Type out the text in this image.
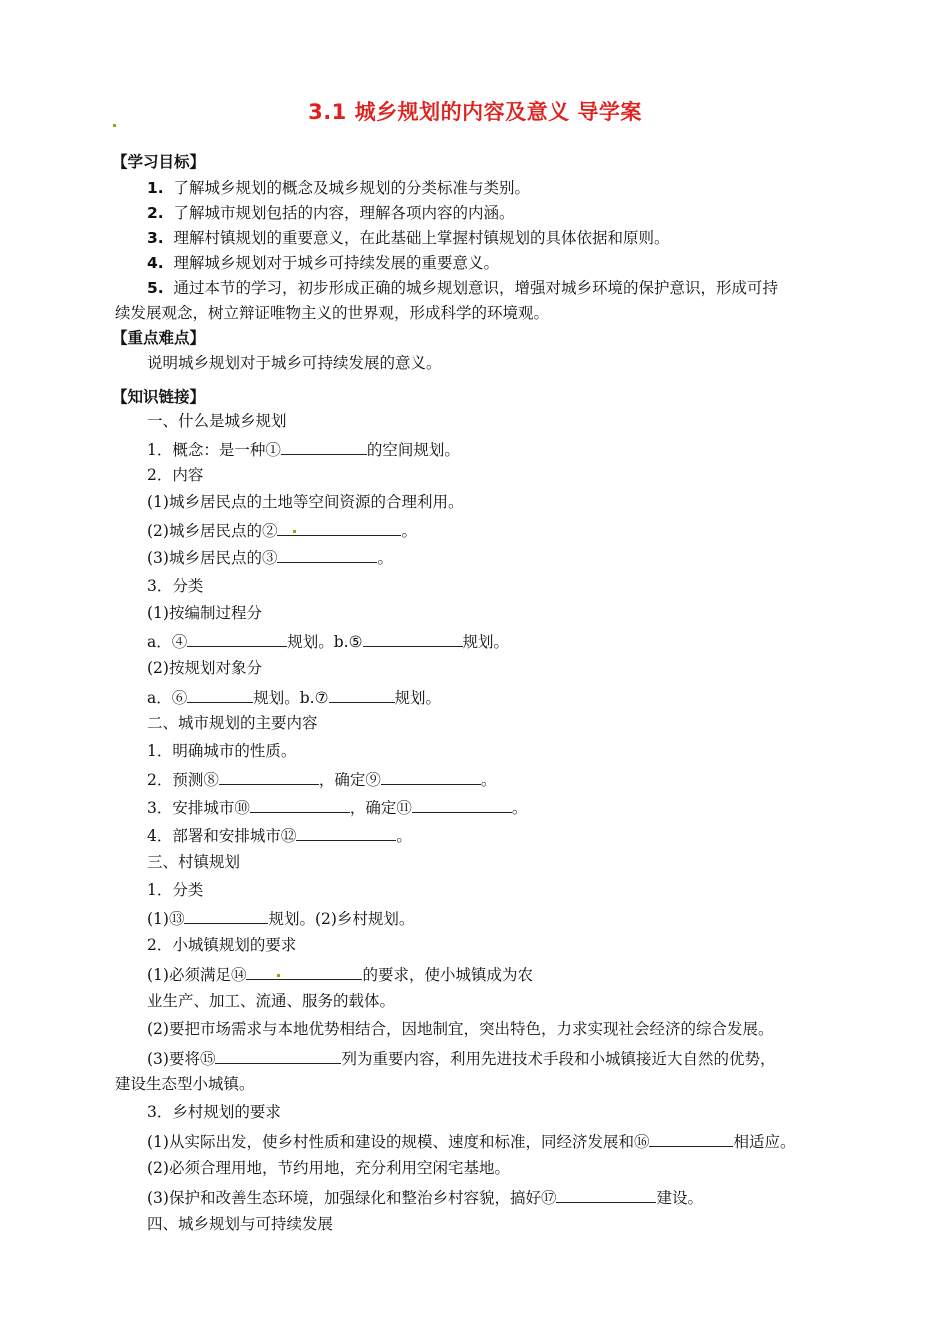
3.1 城乡规划的内容及意义 导学案
【学习目标】
1. 了解城乡规划的概念及城乡规划的分类标准与类别。
2. 了解城市规划包括的内容，理解各项内容的内涵。
3. 理解村镇规划的重要意义，在此基础上掌握村镇规划的具体依据和原则。
4. 理解城乡规划对于城乡可持续发展的重要意义。
5. 通过本节的学习，初步形成正确的城乡规划意识，增强对城乡环境的保护意识，形成可持
续发展观念，树立辩证唯物主义的世界观，形成科学的环境观。
【重点难点】
说明城乡规划对于城乡可持续发展的意义。
【知识链接】
一、什么是城乡规划
1．概念：是一种①	的空间规划。
2．内容
(1)城乡居民点的土地等空间资源的合理利用。
(2)城乡居民点的②	。
(3)城乡居民点的③	。
3．分类
(1)按编制过程分
a．④	规划。b.⑤	规划。
(2)按规划对象分
a．⑥	规划。b.⑦	规划。
二、城市规划的主要内容
1．明确城市的性质。
2．预测⑧	，确定⑨	。
3．安排城市⑩	，确定⑪	。
4．部署和安排城市⑫	。
三、村镇规划
1．分类
(1)⑬	规划。(2)乡村规划。
2．小城镇规划的要求
(1)必须满足⑭	的要求，使小城镇成为农
业生产、加工、流通、服务的载体。
(2)要把市场需求与本地优势相结合，因地制宜，突出特色，力求实现社会经济的综合发展。
(3)要将⑮	列为重要内容，利用先进技术手段和小城镇接近大自然的优势，
建设生态型小城镇。
3．乡村规划的要求
(1)从实际出发，使乡村性质和建设的规模、速度和标准，同经济发展和⑯	相适应。
(2)必须合理用地，节约用地，充分利用空闲宅基地。
(3)保护和改善生态环境，加强绿化和整治乡村容貌，搞好⑰	建设。
四、城乡规划与可持续发展
